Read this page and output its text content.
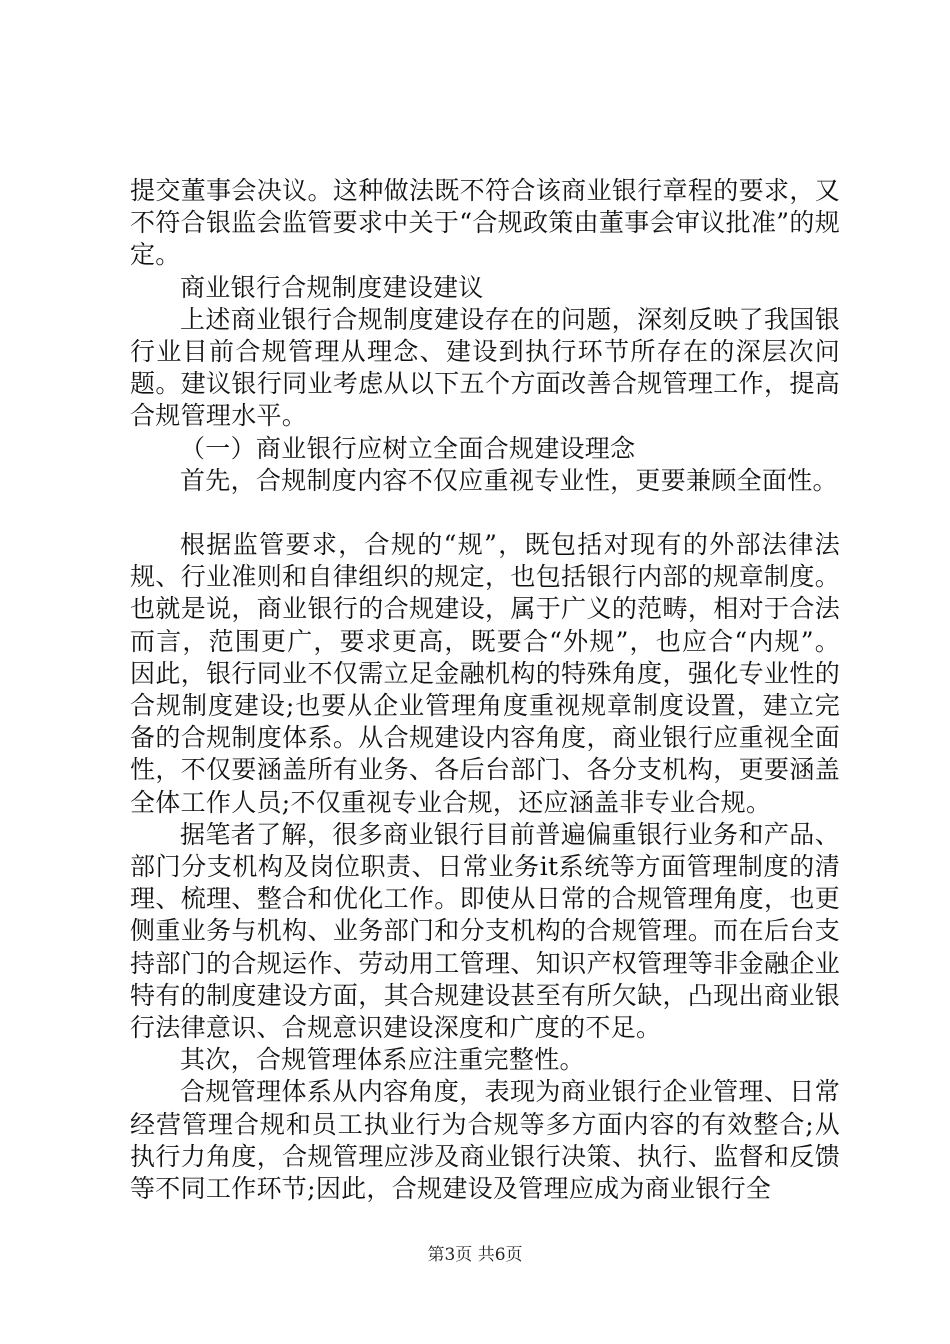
提交董事会决议。这种做法既不符合该商业银行章程的要求，又不符合银监会监管要求中关于“合规政策由董事会审议批准”的规定。

商业银行合规制度建设建议

上述商业银行合规制度建设存在的问题，深刻反映了我国银行业目前合规管理从理念、建设到执行环节所存在的深层次问题。建议银行同业考虑从以下五个方面改善合规管理工作，提高合规管理水平。

（一）商业银行应树立全面合规建设理念

首先，合规制度内容不仅应重视专业性，更要兼顾全面性。

根据监管要求，合规的“规”，既包括对现有的外部法律法规、行业准则和自律组织的规定，也包括银行内部的规章制度。也就是说，商业银行的合规建设，属于广义的范畴，相对于合法而言，范围更广，要求更高，既要合“外规”，也应合“内规”。因此，银行同业不仅需立足金融机构的特殊角度，强化专业性的合规制度建设;也要从企业管理角度重视规章制度设置，建立完备的合规制度体系。从合规建设内容角度，商业银行应重视全面性，不仅要涵盖所有业务、各后台部门、各分支机构，更要涵盖全体工作人员;不仅重视专业合规，还应涵盖非专业合规。

据笔者了解，很多商业银行目前普遍偏重银行业务和产品、部门分支机构及岗位职责、日常业务it系统等方面管理制度的清理、梳理、整合和优化工作。即使从日常的合规管理角度，也更侧重业务与机构、业务部门和分支机构的合规管理。而在后台支持部门的合规运作、劳动用工管理、知识产权管理等非金融企业特有的制度建设方面，其合规建设甚至有所欠缺，凸现出商业银行法律意识、合规意识建设深度和广度的不足。

其次，合规管理体系应注重完整性。

合规管理体系从内容角度，表现为商业银行企业管理、日常经营管理合规和员工执业行为合规等多方面内容的有效整合;从执行力角度，合规管理应涉及商业银行决策、执行、监督和反馈等不同工作环节;因此，合规建设及管理应成为商业银行全

第3页 共6页
